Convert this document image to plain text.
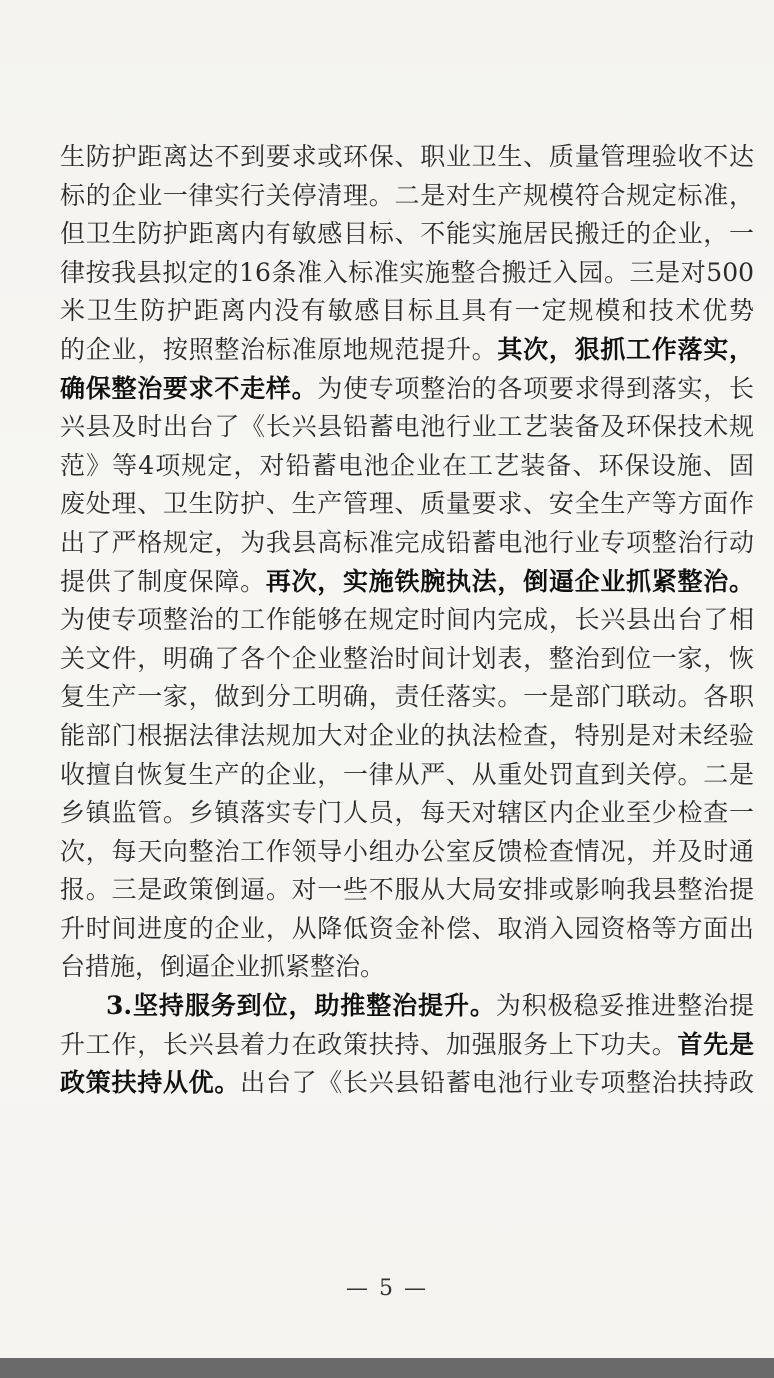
生防护距离达不到要求或环保、职业卫生、质量管理验收不达
标的企业一律实行关停清理。二是对生产规模符合规定标准，
但卫生防护距离内有敏感目标、不能实施居民搬迁的企业，一
律按我县拟定的16条准入标准实施整合搬迁入园。三是对500
米卫生防护距离内没有敏感目标且具有一定规模和技术优势
的企业，按照整治标准原地规范提升。其次，狠抓工作落实，
确保整治要求不走样。为使专项整治的各项要求得到落实，长
兴县及时出台了《长兴县铅蓄电池行业工艺装备及环保技术规
范》等4项规定，对铅蓄电池企业在工艺装备、环保设施、固
废处理、卫生防护、生产管理、质量要求、安全生产等方面作
出了严格规定，为我县高标准完成铅蓄电池行业专项整治行动
提供了制度保障。再次，实施铁腕执法，倒逼企业抓紧整治。
为使专项整治的工作能够在规定时间内完成，长兴县出台了相
关文件，明确了各个企业整治时间计划表，整治到位一家，恢
复生产一家，做到分工明确，责任落实。一是部门联动。各职
能部门根据法律法规加大对企业的执法检查，特别是对未经验
收擅自恢复生产的企业，一律从严、从重处罚直到关停。二是
乡镇监管。乡镇落实专门人员，每天对辖区内企业至少检查一
次，每天向整治工作领导小组办公室反馈检查情况，并及时通
报。三是政策倒逼。对一些不服从大局安排或影响我县整治提
升时间进度的企业，从降低资金补偿、取消入园资格等方面出
台措施，倒逼企业抓紧整治。
3.坚持服务到位，助推整治提升。为积极稳妥推进整治提
升工作，长兴县着力在政策扶持、加强服务上下功夫。首先是
政策扶持从优。出台了《长兴县铅蓄电池行业专项整治扶持政
— 5 —
